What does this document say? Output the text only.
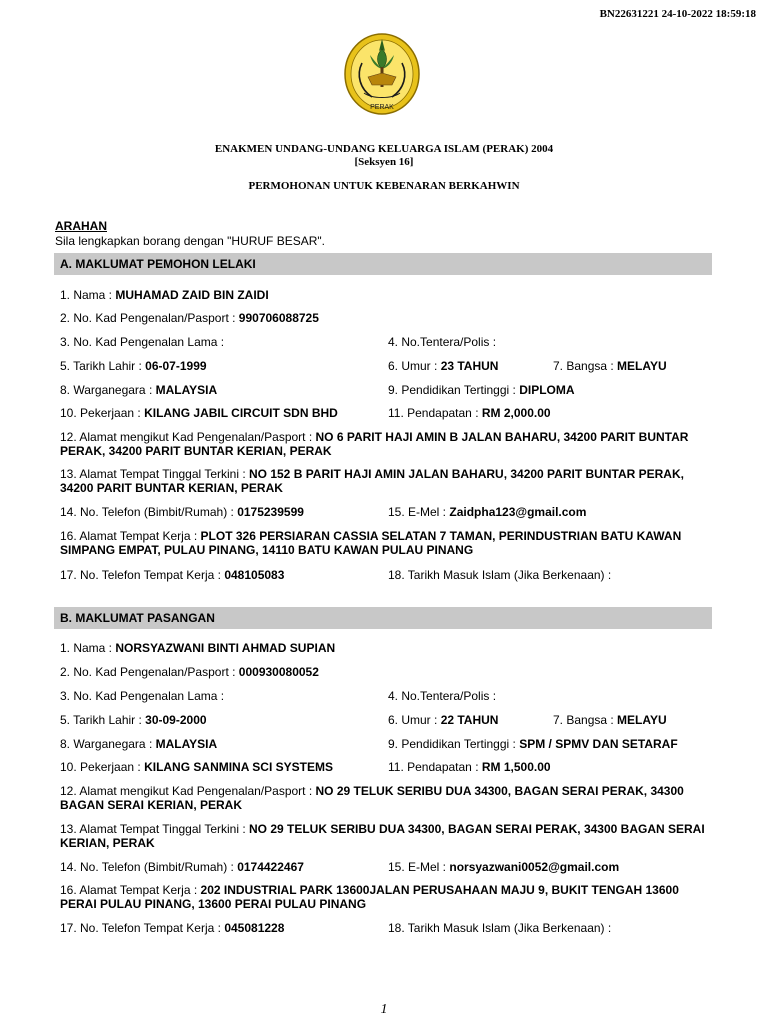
BN22631221 24-10-2022 18:59:18
PERAK
ENAKMEN UNDANG-UNDANG KELUARGA ISLAM (PERAK) 2004
[Seksyen 16]
PERMOHONAN UNTUK KEBENARAN BERKAHWIN
ARAHAN
Sila lengkapkan borang dengan "HURUF BESAR".
A. MAKLUMAT PEMOHON LELAKI
1. Nama : MUHAMAD ZAID BIN ZAIDI
2. No. Kad Pengenalan/Pasport : 990706088725
3. No. Kad Pengenalan Lama :	4. No.Tentera/Polis :
5. Tarikh Lahir : 06-07-1999	6. Umur : 23 TAHUN	7. Bangsa : MELAYU
8. Warganegara : MALAYSIA	9. Pendidikan Tertinggi : DIPLOMA
10. Pekerjaan : KILANG JABIL CIRCUIT SDN BHD	11. Pendapatan : RM 2,000.00
12. Alamat mengikut Kad Pengenalan/Pasport : NO 6 PARIT HAJI AMIN B JALAN BAHARU, 34200 PARIT BUNTAR PERAK, 34200 PARIT BUNTAR KERIAN, PERAK
13. Alamat Tempat Tinggal Terkini : NO 152 B PARIT HAJI AMIN JALAN BAHARU, 34200 PARIT BUNTAR PERAK, 34200 PARIT BUNTAR KERIAN, PERAK
14. No. Telefon (Bimbit/Rumah) : 0175239599	15. E-Mel : Zaidpha123@gmail.com
16. Alamat Tempat Kerja : PLOT 326 PERSIARAN CASSIA SELATAN 7 TAMAN, PERINDUSTRIAN BATU KAWAN SIMPANG EMPAT, PULAU PINANG, 14110 BATU KAWAN PULAU PINANG
17. No. Telefon Tempat Kerja : 048105083	18. Tarikh Masuk Islam (Jika Berkenaan) :
B. MAKLUMAT PASANGAN
1. Nama : NORSYAZWANI BINTI AHMAD SUPIAN
2. No. Kad Pengenalan/Pasport : 000930080052
3. No. Kad Pengenalan Lama :	4. No.Tentera/Polis :
5. Tarikh Lahir : 30-09-2000	6. Umur : 22 TAHUN	7. Bangsa : MELAYU
8. Warganegara : MALAYSIA	9. Pendidikan Tertinggi : SPM / SPMV DAN SETARAF
10. Pekerjaan : KILANG SANMINA SCI SYSTEMS	11. Pendapatan : RM 1,500.00
12. Alamat mengikut Kad Pengenalan/Pasport : NO 29 TELUK SERIBU DUA 34300, BAGAN SERAI PERAK, 34300 BAGAN SERAI KERIAN, PERAK
13. Alamat Tempat Tinggal Terkini : NO 29 TELUK SERIBU DUA 34300, BAGAN SERAI PERAK, 34300 BAGAN SERAI KERIAN, PERAK
14. No. Telefon (Bimbit/Rumah) : 0174422467	15. E-Mel : norsyazwani0052@gmail.com
16. Alamat Tempat Kerja : 202 INDUSTRIAL PARK 13600JALAN PERUSAHAAN MAJU 9, BUKIT TENGAH 13600 PERAI PULAU PINANG, 13600 PERAI PULAU PINANG
17. No. Telefon Tempat Kerja : 045081228	18. Tarikh Masuk Islam (Jika Berkenaan) :
1
